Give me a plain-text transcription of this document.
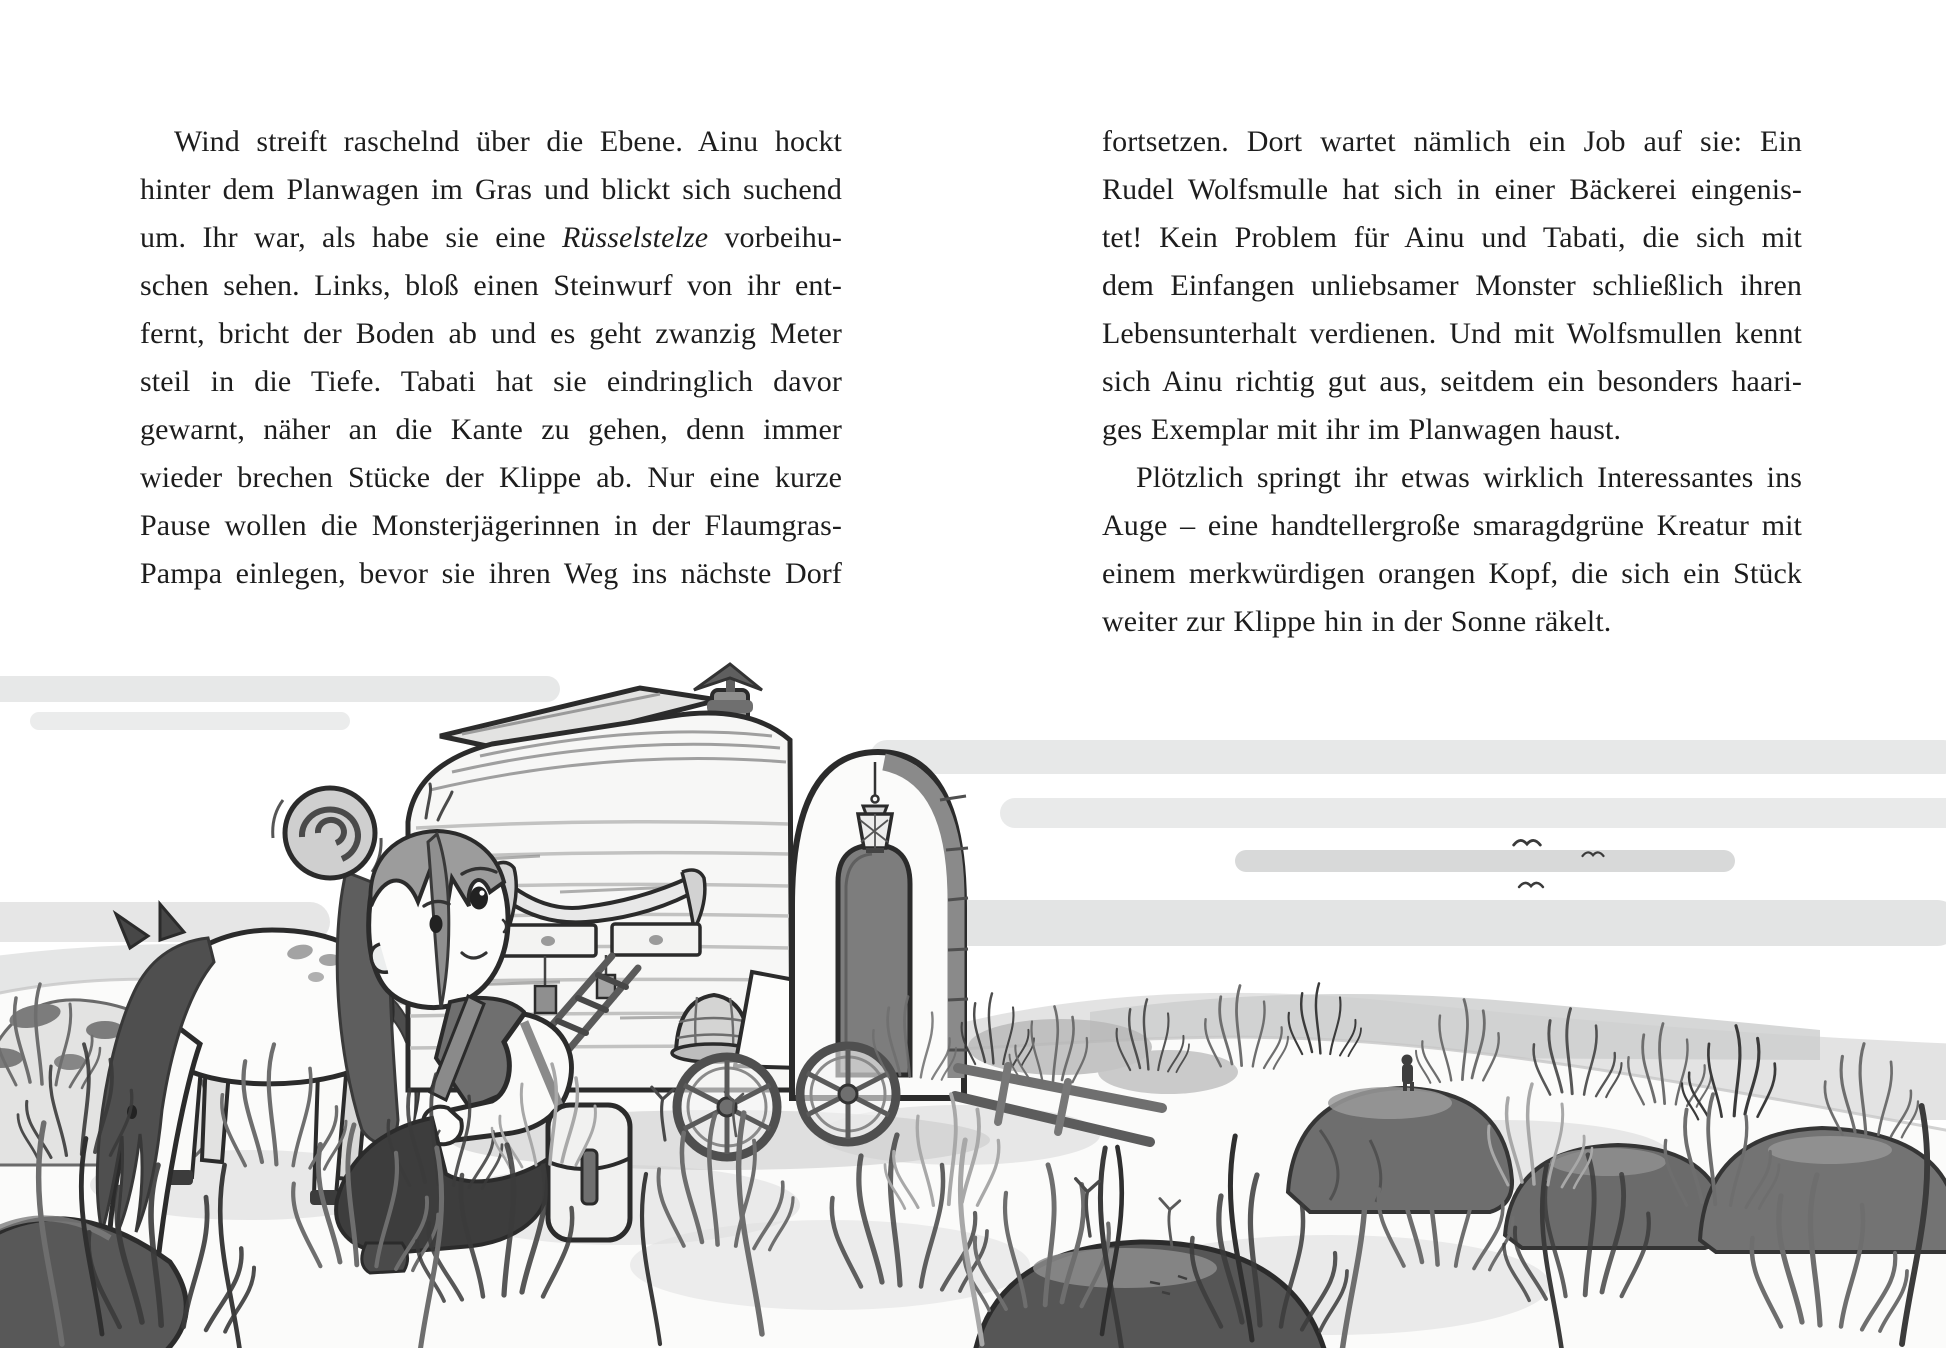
Wind streift raschelnd über die Ebene. Ainu hockt
hinter dem Planwagen im Gras und blickt sich suchend
um. Ihr war, als habe sie eine Rüsselstelze vorbeihu-
schen sehen. Links, bloß einen Steinwurf von ihr ent-
fernt, bricht der Boden ab und es geht zwanzig Meter
steil in die Tiefe. Tabati hat sie eindringlich davor
gewarnt, näher an die Kante zu gehen, denn immer
wieder brechen Stücke der Klippe ab. Nur eine kurze
Pause wollen die Monsterjägerinnen in der Flaumgras-
Pampa einlegen, bevor sie ihren Weg ins nächste Dorf
fortsetzen. Dort wartet nämlich ein Job auf sie: Ein
Rudel Wolfsmulle hat sich in einer Bäckerei eingenis-
tet! Kein Problem für Ainu und Tabati, die sich mit
dem Einfangen unliebsamer Monster schließlich ihren
Lebensunterhalt verdienen. Und mit Wolfsmullen kennt
sich Ainu richtig gut aus, seitdem ein besonders haari-
ges Exemplar mit ihr im Planwagen haust.
Plötzlich springt ihr etwas wirklich Interessantes ins
Auge – eine handtellergroße smaragdgrüne Kreatur mit
einem merkwürdigen orangen Kopf, die sich ein Stück
weiter zur Klippe hin in der Sonne räkelt.
